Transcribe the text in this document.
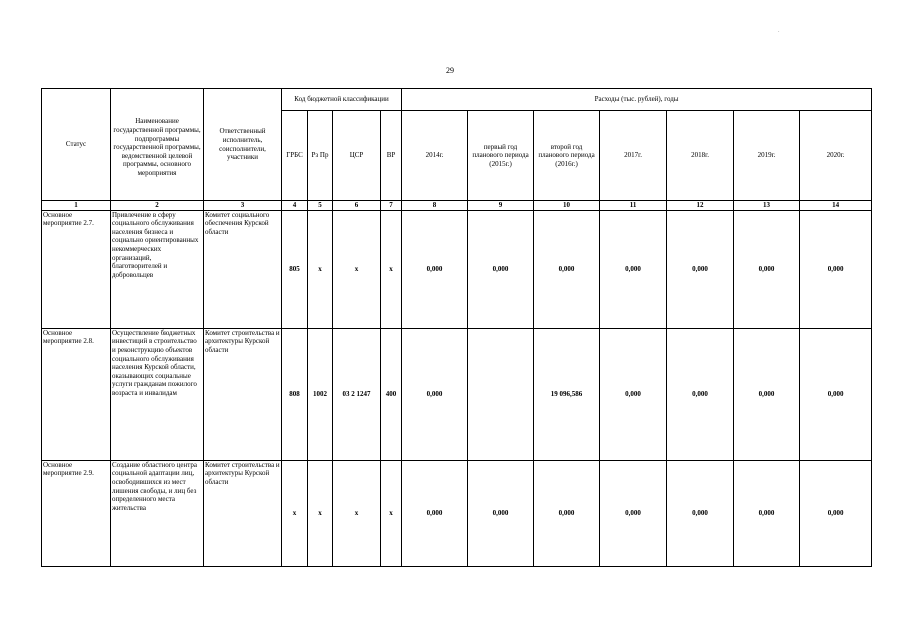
29
.
Статус	Наименование государственной программы, подпрограммы государственной программы, ведомственной целевой программы, основного мероприятия	Ответственный исполнитель, соисполнители, участники	Код бюджетной классификации				Расходы (тыс. рублей), годы						
			ГРБС	Рз Пр	ЦСР	ВР	2014г.	первый год планового периода (2015г.)	второй год планового периода (2016г.)	2017г.	2018г.	2019г.	2020г.
1	2	3	4	5	6	7	8	9	10	11	12	13	14
Основное мероприятие 2.7.	Привлечение в сферу социального обслуживания населения бизнеса и социально ориентированных некоммерческих организаций, благотворителей и добровольцев	Комитет социального обеспечения Курской области	805	х	х	х	0,000	0,000	0,000	0,000	0,000	0,000	0,000
Основное мероприятие 2.8.	Осуществление бюджетных инвестиций в строительство и реконструкцию объектов социального обслуживания населения Курской области, оказывающих социальные услуги гражданам пожилого возраста и инвалидам	Комитет строительства и архитектуры Курской области	808	1002	03 2 1247	400	0,000		19 096,586	0,000	0,000	0,000	0,000
Основное мероприятие 2.9.	Создание областного центра социальной адаптации лиц, освободившихся из мест лишения свободы, и лиц без определенного места жительства	Комитет строительства и архитектуры Курской области	х	х	х	х	0,000	0,000	0,000	0,000	0,000	0,000	0,000
